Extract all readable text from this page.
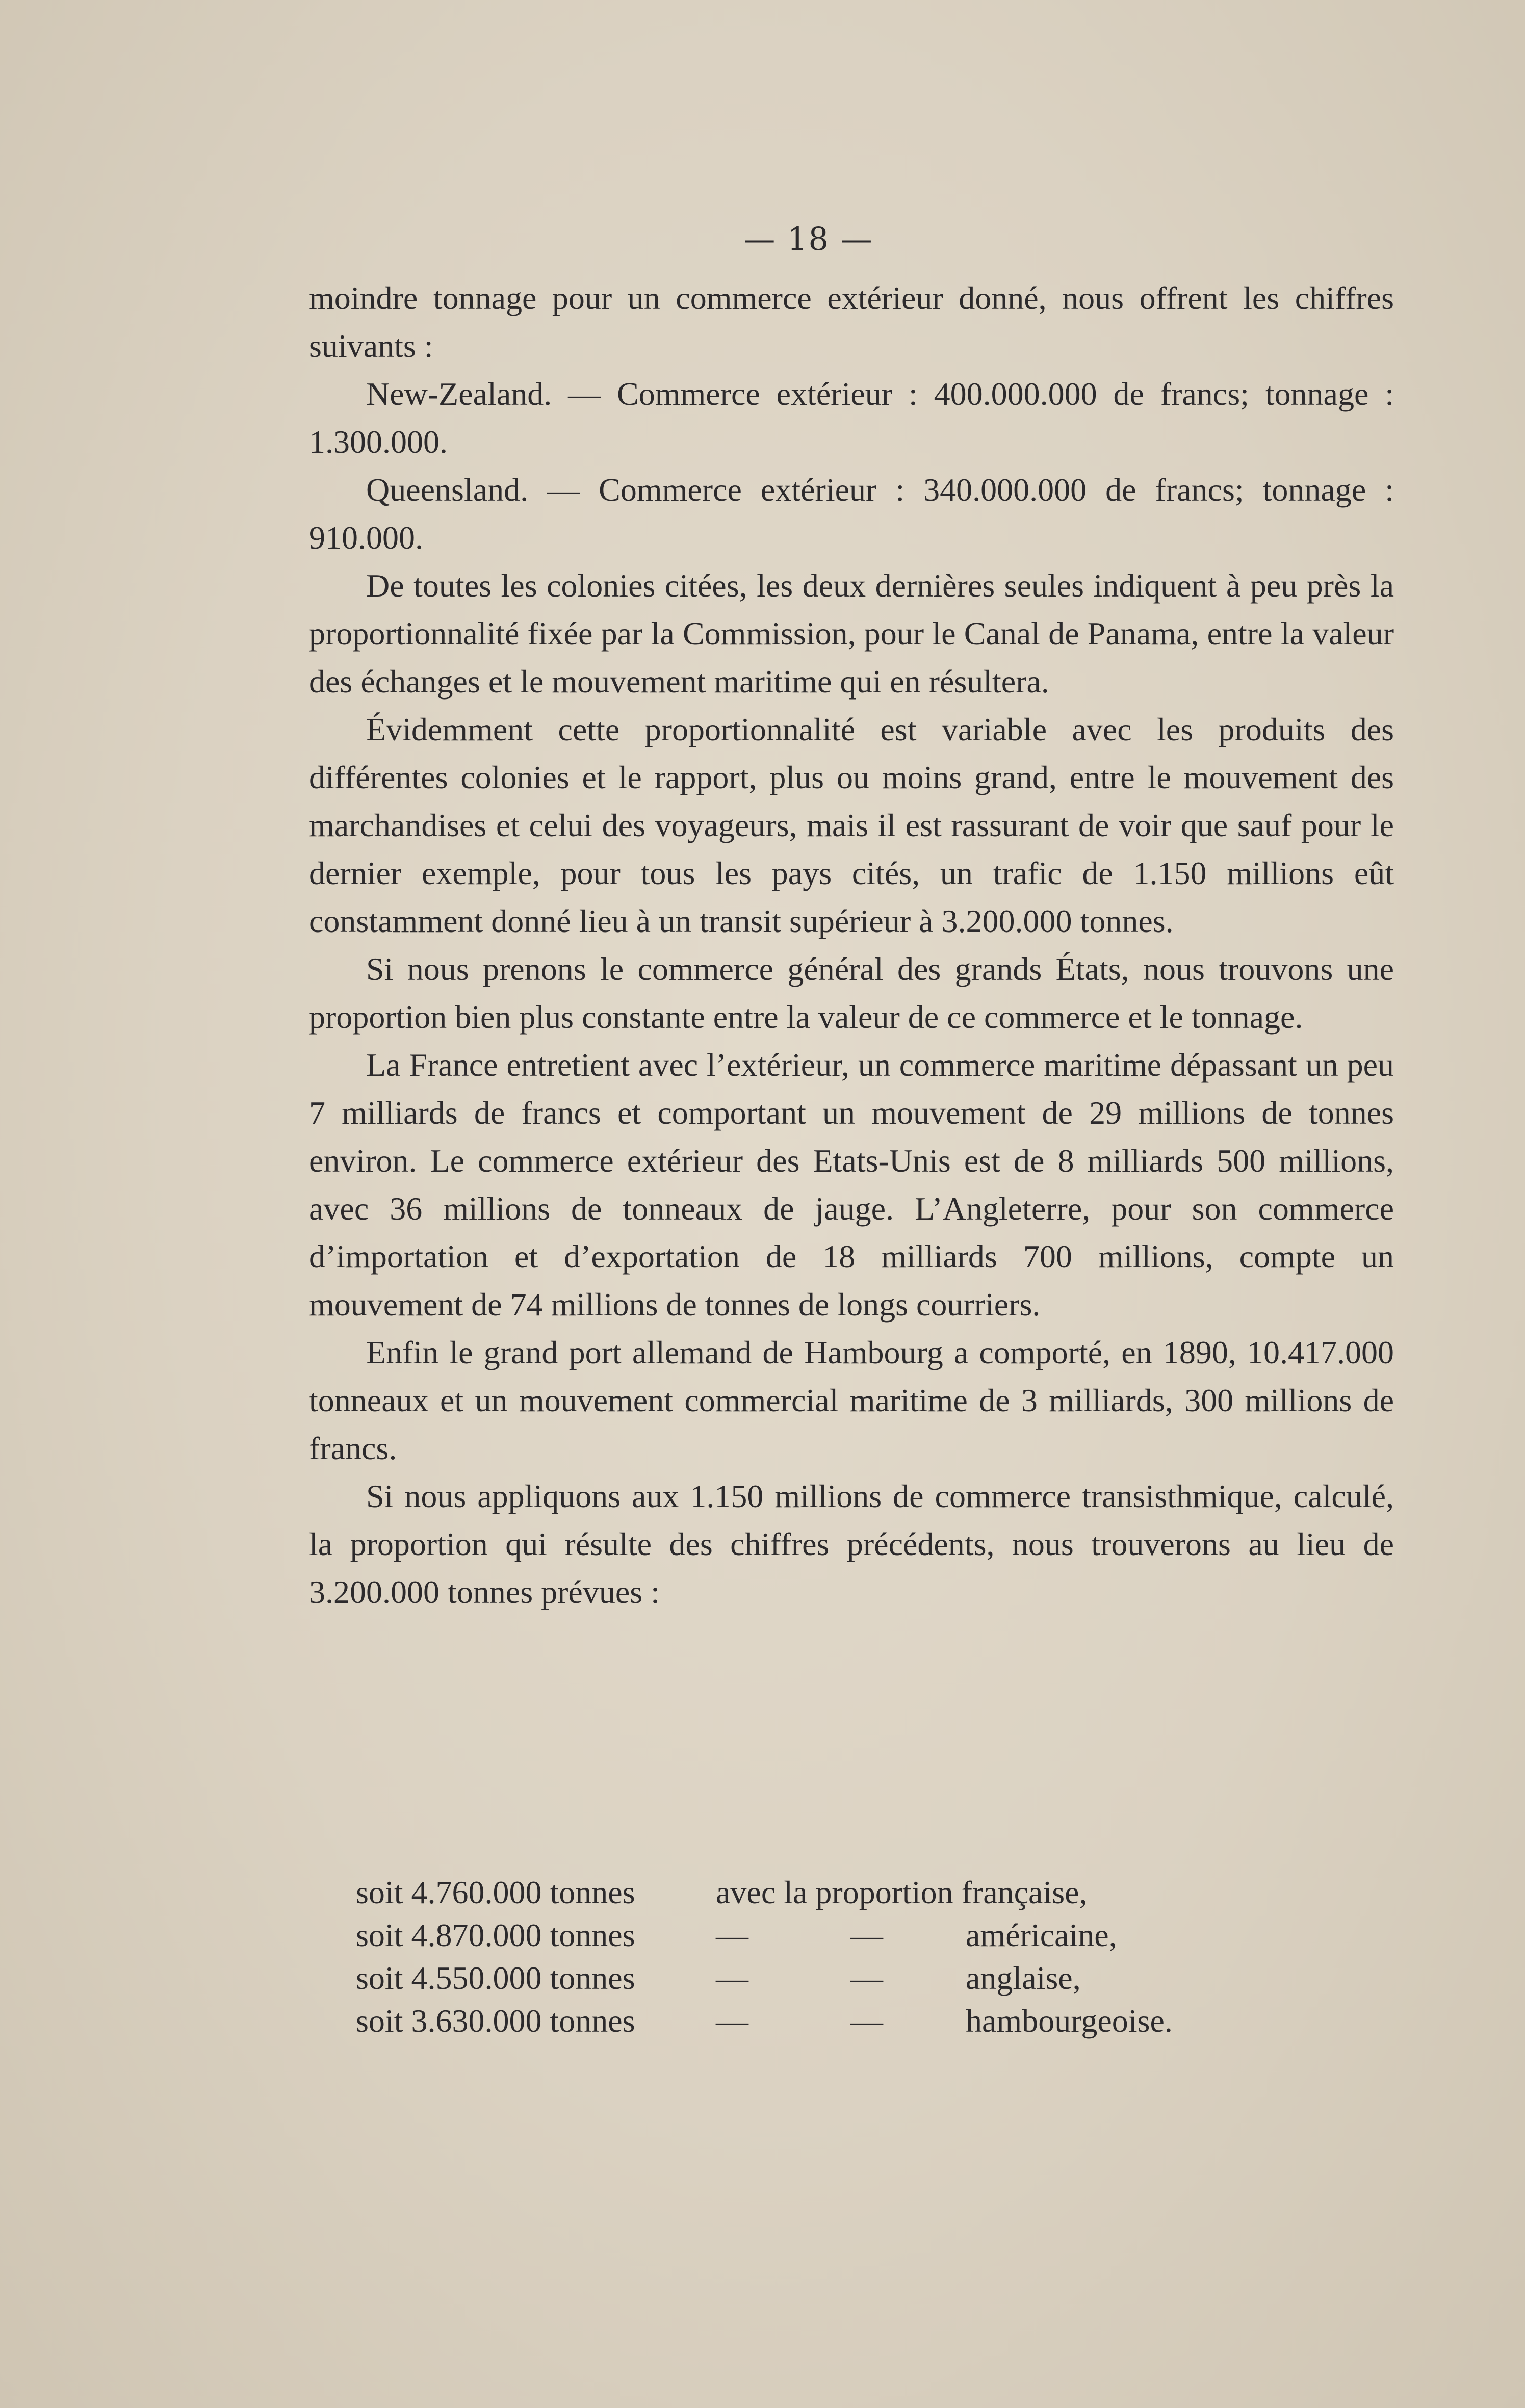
— 18 —

moindre tonnage pour un commerce extérieur donné, nous offrent les chiffres suivants :

New-Zealand. — Commerce extérieur : 400.000.000 de francs; tonnage : 1.300.000.

Queensland. — Commerce extérieur : 340.000.000 de francs; tonnage : 910.000.

De toutes les colonies citées, les deux dernières seules indiquent à peu près la proportionnalité fixée par la Commission, pour le Canal de Panama, entre la valeur des échanges et le mouvement maritime qui en résultera.

Évidemment cette proportionnalité est variable avec les produits des différentes colonies et le rapport, plus ou moins grand, entre le mouvement des marchandises et celui des voyageurs, mais il est rassurant de voir que sauf pour le dernier exemple, pour tous les pays cités, un trafic de 1.150 millions eût constamment donné lieu à un transit supérieur à 3.200.000 tonnes.

Si nous prenons le commerce général des grands États, nous trouvons une proportion bien plus constante entre la valeur de ce commerce et le tonnage.

La France entretient avec l’extérieur, un commerce maritime dépassant un peu 7 milliards de francs et comportant un mouvement de 29 millions de tonnes environ. Le commerce extérieur des Etats-Unis est de 8 milliards 500 millions, avec 36 millions de tonneaux de jauge. L’Angleterre, pour son commerce d’importation et d’exportation de 18 milliards 700 millions, compte un mouvement de 74 millions de tonnes de longs courriers.

Enfin le grand port allemand de Hambourg a comporté, en 1890, 10.417.000 tonneaux et un mouvement commercial maritime de 3 milliards, 300 millions de francs.

Si nous appliquons aux 1.150 millions de commerce transisthmique, calculé, la proportion qui résulte des chiffres précédents, nous trouverons au lieu de 3.200.000 tonnes prévues :

soit 4.760.000 tonnes avec la proportion française,
soit 4.870.000 tonnes —	—	américaine,
soit 4.550.000 tonnes —	—	anglaise,
soit 3.630.000 tonnes —	—	hambourgeoise.
